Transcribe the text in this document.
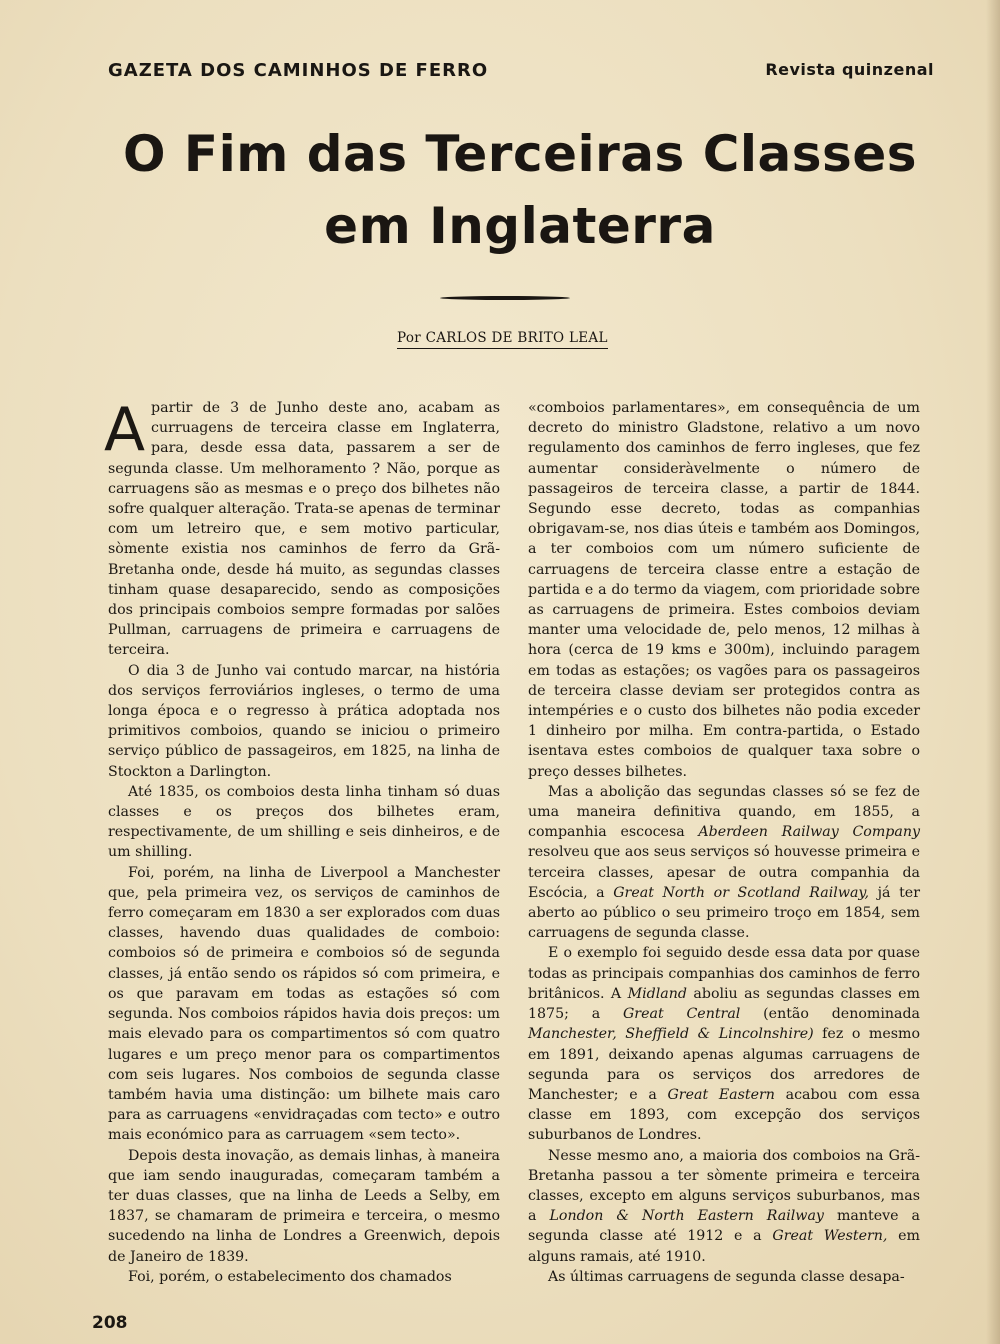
GAZETA DOS CAMINHOS DE FERRO	Revista quinzenal
O Fim das Terceiras Classes
em Inglaterra
Por CARLOS DE BRITO LEAL

Apartir de 3 de Junho deste ano, acabam as curruagens de terceira classe em Inglaterra, para, desde essa data, passarem a ser de segunda classe. Um melhoramento ? Não, porque as carruagens são as mesmas e o preço dos bilhetes não sofre qualquer alteração. Trata-se apenas de terminar com um letreiro que, e sem motivo particular, sòmente existia nos caminhos de ferro da Grã-Bretanha onde, desde há muito, as segundas classes tinham quase desaparecido, sendo as composições dos principais comboios sempre formadas por salões Pullman, carruagens de primeira e carruagens de terceira.

O dia 3 de Junho vai contudo marcar, na história dos serviços ferroviários ingleses, o termo de uma longa época e o regresso à prática adoptada nos primitivos comboios, quando se iniciou o primeiro serviço público de passageiros, em 1825, na linha de Stockton a Darlington.

Até 1835, os comboios desta linha tinham só duas classes e os preços dos bilhetes eram, respectivamente, de um shilling e seis dinheiros, e de um shilling.

Foi, porém, na linha de Liverpool a Manchester que, pela primeira vez, os serviços de caminhos de ferro começaram em 1830 a ser explorados com duas classes, havendo duas qualidades de comboio: comboios só de primeira e comboios só de segunda classes, já então sendo os rápidos só com primeira, e os que paravam em todas as estações só com segunda. Nos comboios rápidos havia dois preços: um mais elevado para os compartimentos só com quatro lugares e um preço menor para os compartimentos com seis lugares. Nos comboios de segunda classe também havia uma distinção: um bilhete mais caro para as carruagens «envidraçadas com tecto» e outro mais económico para as carruagem «sem tecto».

Depois desta inovação, as demais linhas, à maneira que iam sendo inauguradas, começaram também a ter duas classes, que na linha de Leeds a Selby, em 1837, se chamaram de primeira e terceira, o mesmo sucedendo na linha de Londres a Greenwich, depois de Janeiro de 1839.

Foi, porém, o estabelecimento dos chamados

«comboios parlamentares», em consequência de um decreto do ministro Gladstone, relativo a um novo regulamento dos caminhos de ferro ingleses, que fez aumentar consideràvelmente o número de passageiros de terceira classe, a partir de 1844. Segundo esse decreto, todas as companhias obrigavam-se, nos dias úteis e também aos Domingos, a ter comboios com um número suficiente de carruagens de terceira classe entre a estação de partida e a do termo da viagem, com prioridade sobre as carruagens de primeira. Estes comboios deviam manter uma velocidade de, pelo menos, 12 milhas à hora (cerca de 19 kms e 300m), incluindo paragem em todas as estações; os vagões para os passageiros de terceira classe deviam ser protegidos contra as intempéries e o custo dos bilhetes não podia exceder 1 dinheiro por milha. Em contra-partida, o Estado isentava estes comboios de qualquer taxa sobre o preço desses bilhetes.

Mas a abolição das segundas classes só se fez de uma maneira definitiva quando, em 1855, a companhia escocesa Aberdeen Railway Company resolveu que aos seus serviços só houvesse primeira e terceira classes, apesar de outra companhia da Escócia, a Great North or Scotland Railway, já ter aberto ao público o seu primeiro troço em 1854, sem carruagens de segunda classe.

E o exemplo foi seguido desde essa data por quase todas as principais companhias dos caminhos de ferro britânicos. A Midland aboliu as segundas classes em 1875; a Great Central (então denominada Manchester, Sheffield & Lincolnshire) fez o mesmo em 1891, deixando apenas algumas carruagens de segunda para os serviços dos arredores de Manchester; e a Great Eastern acabou com essa classe em 1893, com excepção dos serviços suburbanos de Londres.

Nesse mesmo ano, a maioria dos comboios na Grã-Bretanha passou a ter sòmente primeira e terceira classes, excepto em alguns serviços suburbanos, mas a London & North Eastern Railway manteve a segunda classe até 1912 e a Great Western, em alguns ramais, até 1910.

As últimas carruagens de segunda classe desapa-

208
